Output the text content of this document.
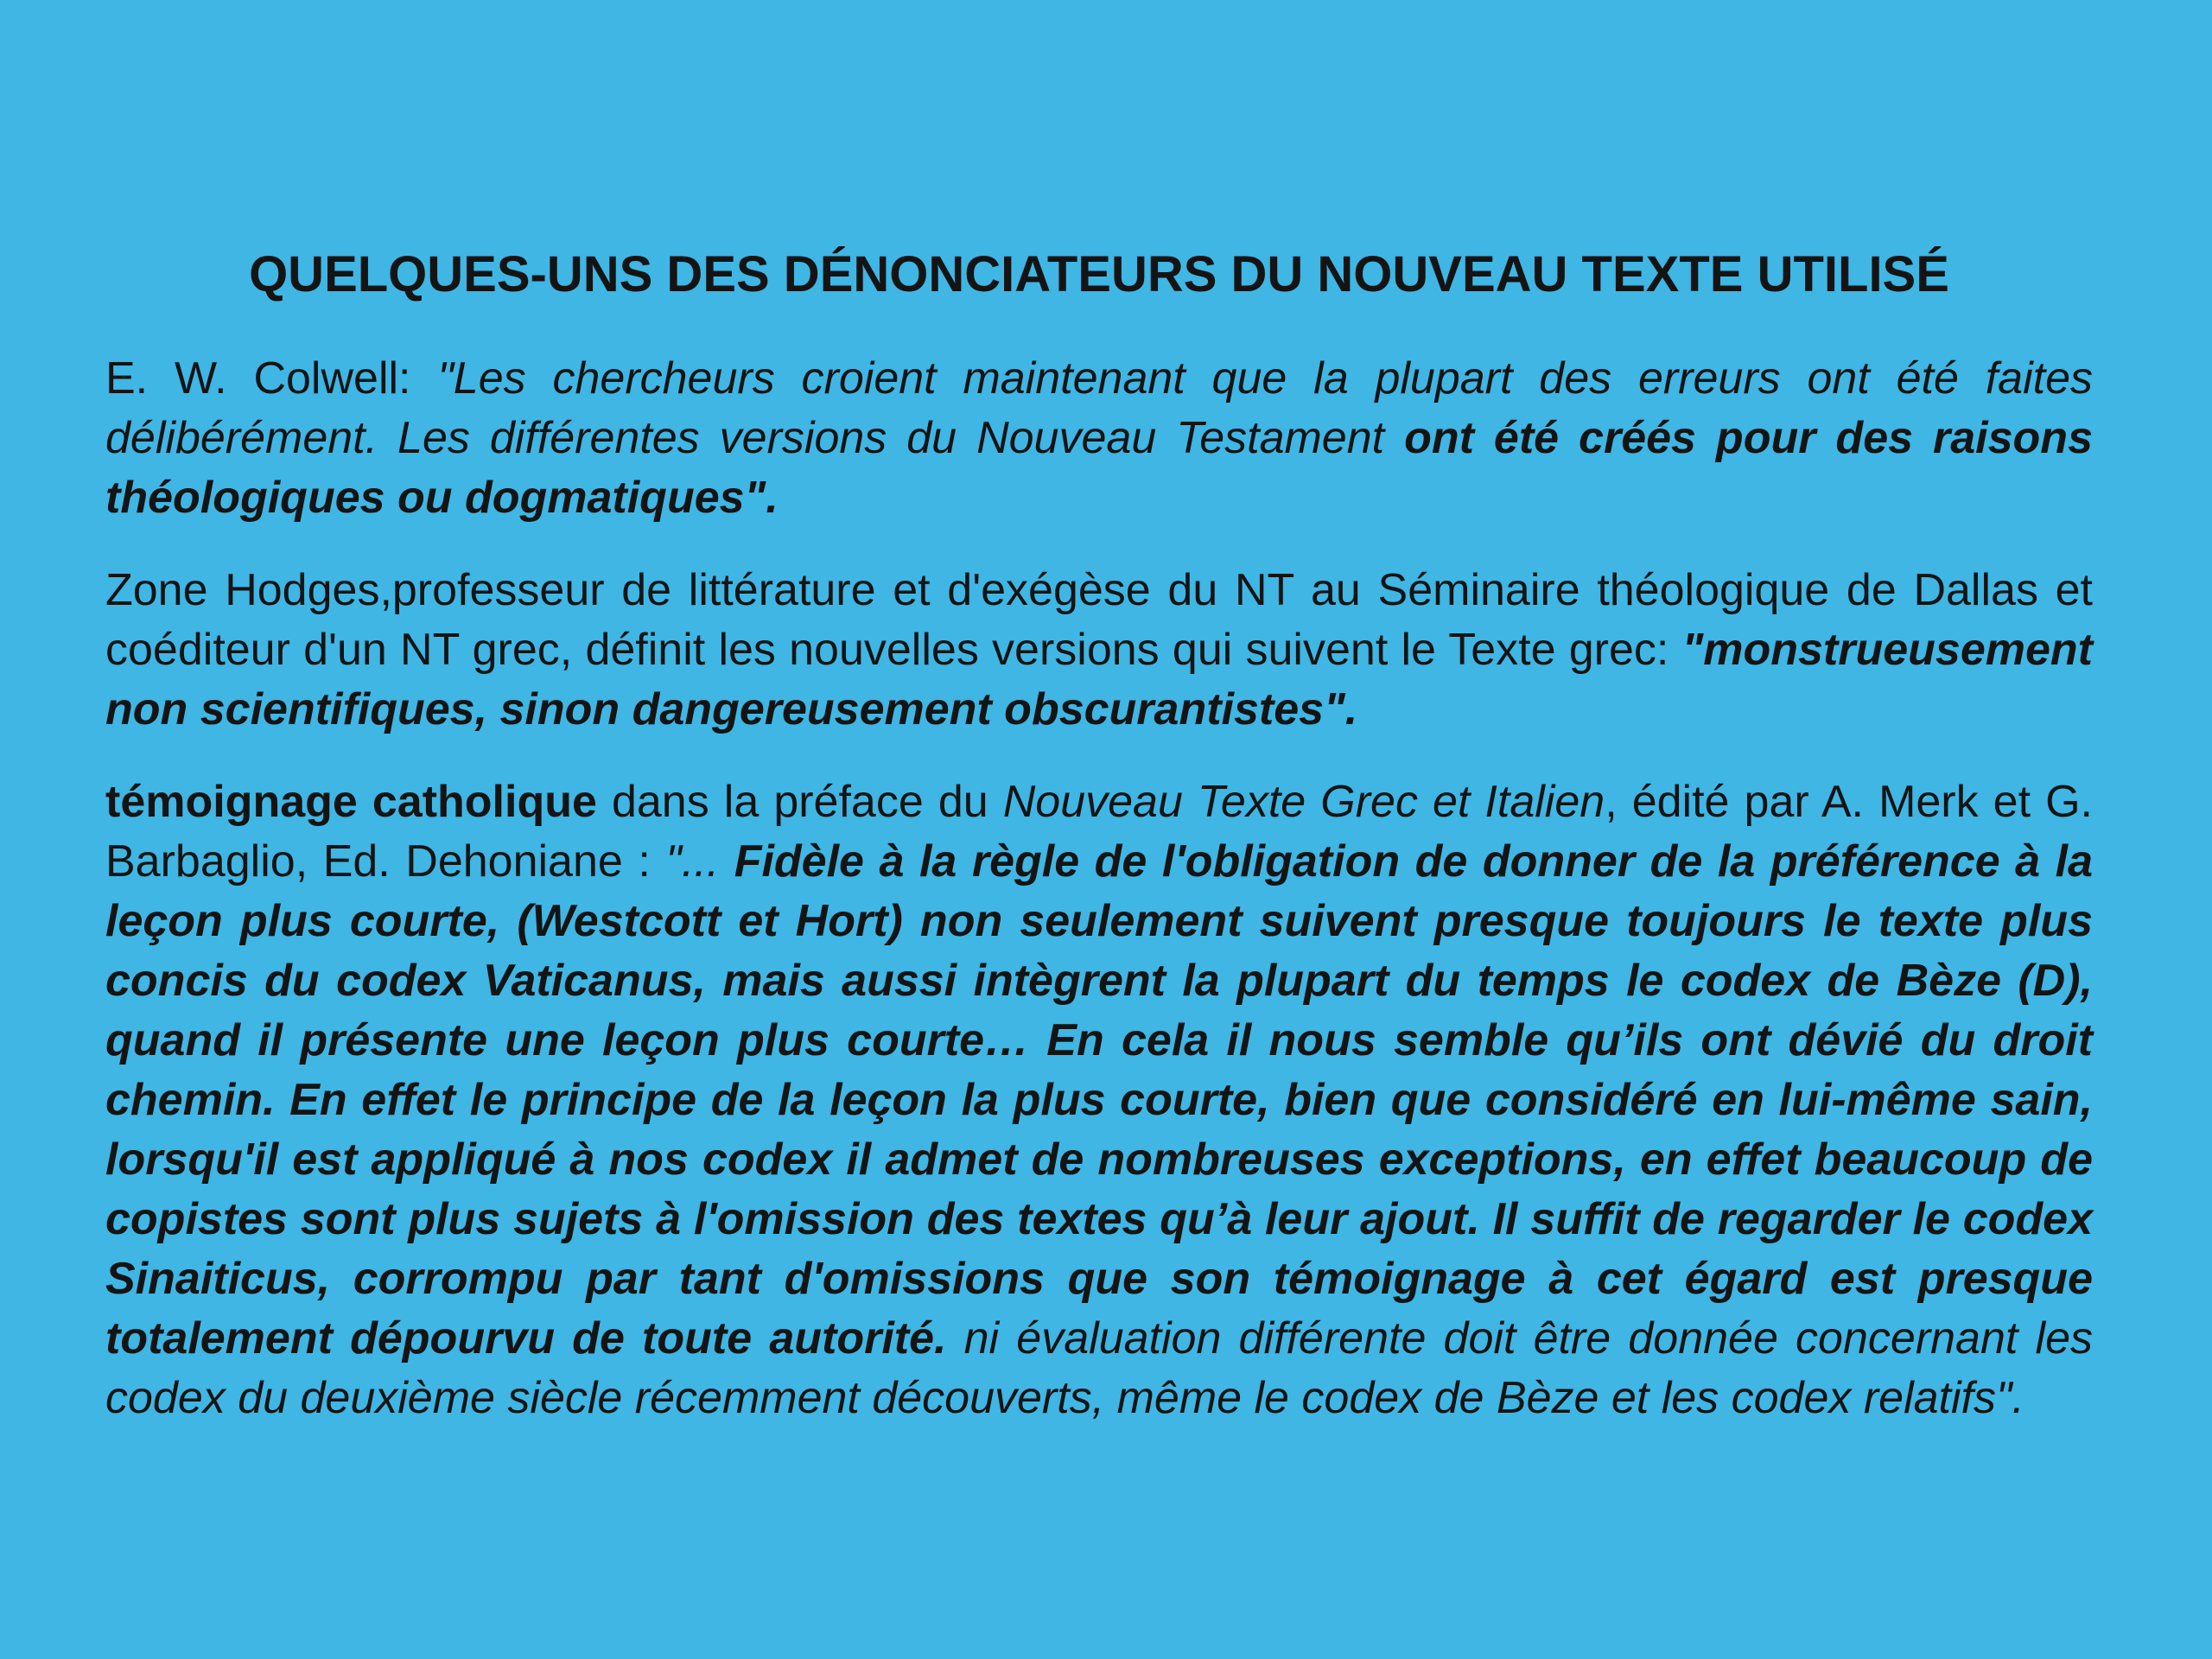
QUELQUES-UNS DES DÉNONCIATEURS DU NOUVEAU TEXTE UTILISÉ

E. W. Colwell: "Les chercheurs croient maintenant que la plupart des erreurs ont été faites délibérément. Les différentes versions du Nouveau Testament ont été créés pour des raisons théologiques ou dogmatiques".

Zone Hodges,professeur de littérature et d'exégèse du NT au Séminaire théologique de Dallas et coéditeur d'un NT grec, définit les nouvelles versions qui suivent le Texte grec: "monstrueusement non scientifiques, sinon dangereusement obscurantistes".

témoignage catholique dans la préface du Nouveau Texte Grec et Italien, édité par A. Merk et G. Barbaglio, Ed. Dehoniane : "... Fidèle à la règle de l'obligation de donner de la préférence à la leçon plus courte, (Westcott et Hort) non seulement suivent presque toujours le texte plus concis du codex Vaticanus, mais aussi intègrent la plupart du temps le codex de Bèze (D), quand il présente une leçon plus courte… En cela il nous semble qu’ils ont dévié du droit chemin. En effet le principe de la leçon la plus courte, bien que considéré en lui-même sain, lorsqu'il est appliqué à nos codex il admet de nombreuses exceptions, en effet beaucoup de copistes sont plus sujets à l'omission des textes qu’à leur ajout. Il suffit de regarder le codex Sinaiticus, corrompu par tant d'omissions que son témoignage à cet égard est presque totalement dépourvu de toute autorité. ni évaluation différente doit être donnée concernant les codex du deuxième siècle récemment découverts, même le codex de Bèze et les codex relatifs".
